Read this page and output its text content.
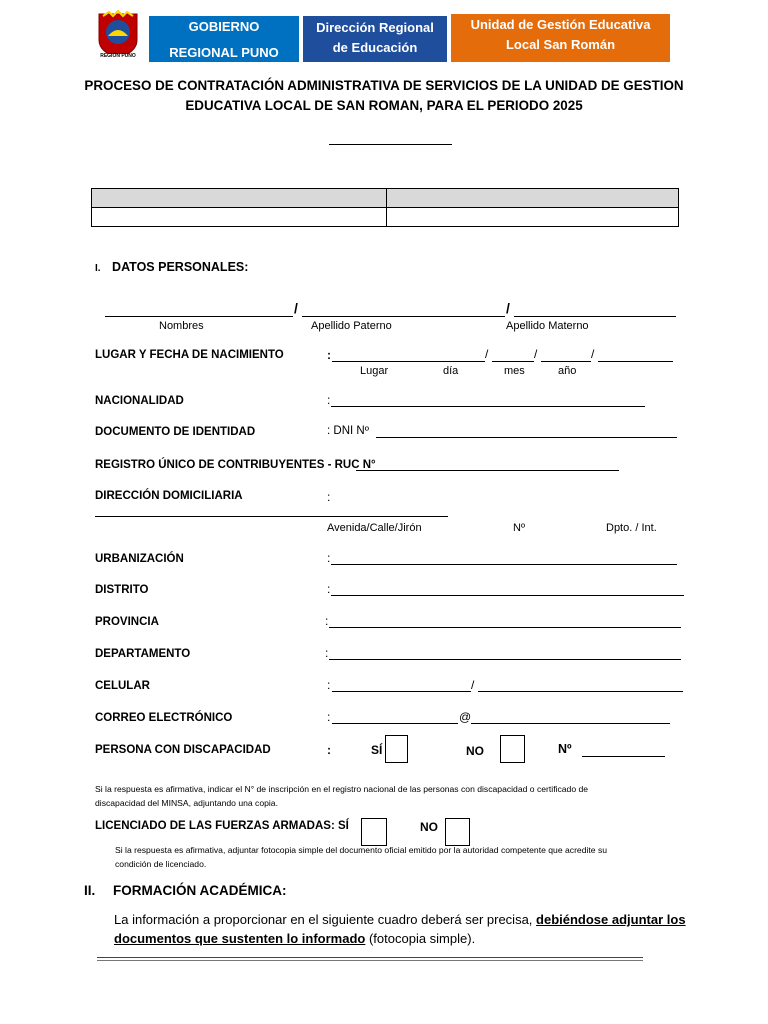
REGIÓN PUNO
GOBIERNO
REGIONAL PUNO
Dirección Regional
de Educación
Unidad de Gestión Educativa
Local San Román
PROCESO DE CONTRATACIÓN ADMINISTRATIVA DE SERVICIOS DE LA UNIDAD DE GESTION
EDUCATIVA LOCAL DE SAN ROMAN, PARA EL PERIODO 2025

I. DATOS PERSONALES:
/	/
Nombres	Apellido Paterno	Apellido Materno
LUGAR Y FECHA DE NACIMIENTO	:	/	/	/
Lugar	día	mes	año
NACIONALIDAD	:
DOCUMENTO DE IDENTIDAD	: DNI Nº
REGISTRO ÚNICO DE CONTRIBUYENTES - RUC N°
DIRECCIÓN DOMICILIARIA	:
Avenida/Calle/Jirón	Nº	Dpto. / Int.
URBANIZACIÓN	:
DISTRITO	:
PROVINCIA	:
DEPARTAMENTO	:
CELULAR	:	/
CORREO ELECTRÓNICO	:	@
PERSONA CON DISCAPACIDAD	:	SÍ	NO	Nº
Si la respuesta es afirmativa, indicar el N° de inscripción en el registro nacional de las personas con discapacidad o certificado de
discapacidad del MINSA, adjuntando una copia.
LICENCIADO DE LAS FUERZAS ARMADAS: SÍ	NO
Si la respuesta es afirmativa, adjuntar fotocopia simple del documento oficial emitido por la autoridad competente que acredite su
condición de licenciado.
II. FORMACIÓN ACADÉMICA:
La información a proporcionar en el siguiente cuadro deberá ser precisa, debiéndose adjuntar los
documentos que sustenten lo informado (fotocopia simple).
